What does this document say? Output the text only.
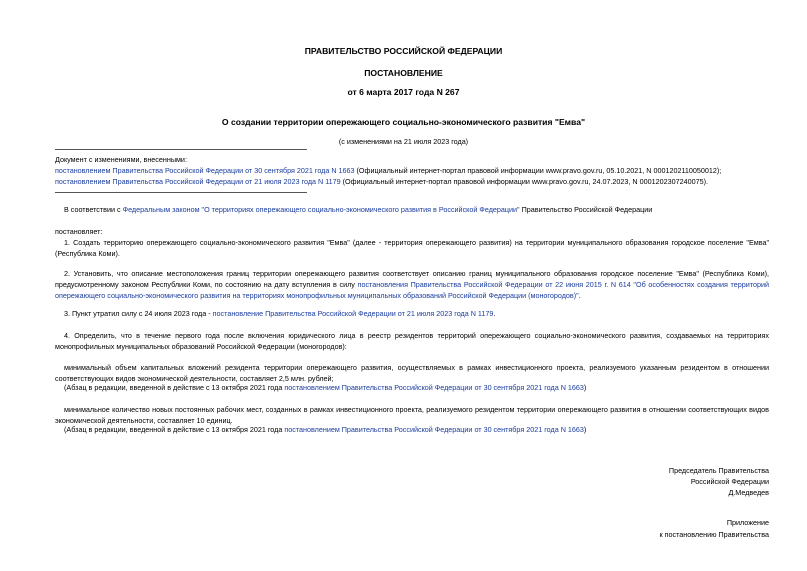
ПРАВИТЕЛЬСТВО РОССИЙСКОЙ ФЕДЕРАЦИИ
ПОСТАНОВЛЕНИЕ
от 6 марта 2017 года N 267
О создании территории опережающего социально-экономического развития "Емва"
(с изменениями на 21 июля 2023 года)
Документ с изменениями, внесенными:
постановлением Правительства Российской Федерации от 30 сентября 2021 года N 1663 (Официальный интернет-портал правовой информации www.pravo.gov.ru, 05.10.2021, N 0001202110050012);
постановлением Правительства Российской Федерации от 21 июля 2023 года N 1179 (Официальный интернет-портал правовой информации www.pravo.gov.ru, 24.07.2023, N 0001202307240075).
В соответствии с Федеральным законом "О территориях опережающего социально-экономического развития в Российской Федерации" Правительство Российской Федерации
постановляет:
1. Создать территорию опережающего социально-экономического развития "Емва" (далее - территория опережающего развития) на территории муниципального образования городское поселение "Емва"
(Республика Коми).
2. Установить, что описание местоположения границ территории опережающего развития соответствует описанию границ муниципального образования городское поселение "Емва" (Республика Коми),
предусмотренному законом Республики Коми, по состоянию на дату вступления в силу постановления Правительства Российской Федерации от 22 июня 2015 г. N 614 "Об особенностях создания территорий
опережающего социально-экономического развития на территориях монопрофильных муниципальных образований Российской Федерации (моногородов)".
3. Пункт утратил силу с 24 июля 2023 года - постановление Правительства Российской Федерации от 21 июля 2023 года N 1179.
4. Определить, что в течение первого года после включения юридического лица в реестр резидентов территорий опережающего социально-экономического развития, создаваемых на территориях
монопрофильных муниципальных образований Российской Федерации (моногородов):
минимальный объем капитальных вложений резидента территории опережающего развития, осуществляемых в рамках инвестиционного проекта, реализуемого указанным резидентом в отношении
соответствующих видов экономической деятельности, составляет 2,5 млн. рублей;
(Абзац в редакции, введенной в действие с 13 октября 2021 года постановлением Правительства Российской Федерации от 30 сентября 2021 года N 1663)
минимальное количество новых постоянных рабочих мест, созданных в рамках инвестиционного проекта, реализуемого резидентом территории опережающего развития в отношении соответствующих видов
экономической деятельности, составляет 10 единиц.
(Абзац в редакции, введенной в действие с 13 октября 2021 года постановлением Правительства Российской Федерации от 30 сентября 2021 года N 1663)
Председатель Правительства
Российской Федерации
Д.Медведев
Приложение
к постановлению Правительства
